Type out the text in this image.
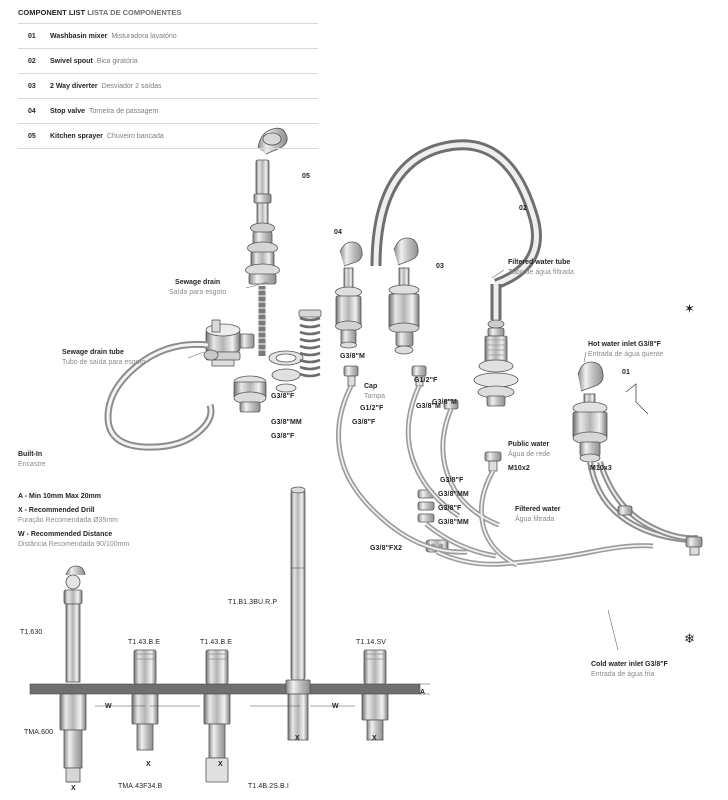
COMPONENT LIST LISTA DE COMPONENTES
01	Washbasin mixer Misturadora lavatório
02	Swivel spout Bica giratória
03	2 Way diverter Desviador 2 saídas
04	Stop valve Torneira de passagem
05	Kitchen sprayer Chuveiro bancada
05
02
04
03
01
Sewage drain
Saída para esgoto
Sewage drain tube
Tubo de saída para esgoto
Filtered water tube
Tubo de água filtrada
Hot water inlet G3/8"F
Entrada de água quente
Cold water inlet G3/8"F
Entrada de água fria
Public water
Água de rede
Filtered water
Água filtrada
Built-In
Encastre
Cap
Tampa
A - Min 10mm Max 20mm
X - Recommended Drill
Furação Recomendada Ø35mm
W - Recommended Distance
Distância Recomendada 90/100mm
G3/8"M
G3/8"F
G3/8"MM
G3/8"F
G1/2"F
G1/2"F	G3/8"M
G3/8"M
G3/8"F
G3/8"F
G3/8"MM
G3/8"F
G3/8"MM
G3/8"FX2
M10x2	M10x3
T1.630
T1.43.B.E	T1.43.B.E
T1.B1.3BU.R.P
T1.14.SV
TMA.600
TMA.43F34.B	T1.4B.2S.B.I
A
W	W
X	X
X	X
X
✶
❄
